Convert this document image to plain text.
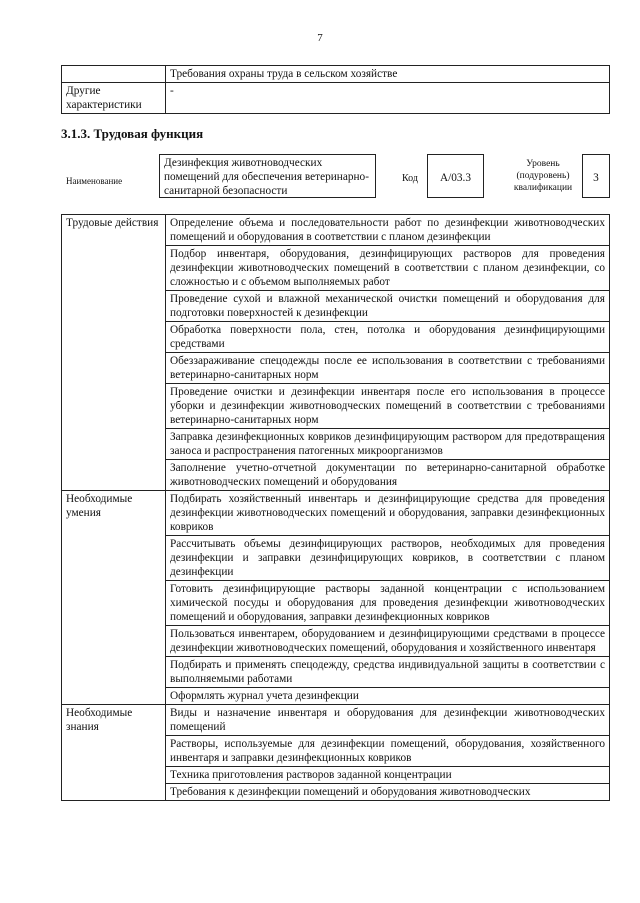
7
	Требования охраны труда в сельском хозяйстве
Другие характеристики	-
3.1.3. Трудовая функция
Наименование
Дезинфекция животноводческих помещений для обеспечения ветеринарно-санитарной безопасности
Код	A/03.3
Уровень (подуровень) квалификации
3
Трудовые действия	Определение объема и последовательности работ по дезинфекции животноводческих помещений и оборудования в соответствии с планом дезинфекции
	Подбор инвентаря, оборудования, дезинфицирующих растворов для проведения дезинфекции животноводческих помещений в соответствии с планом дезинфекции, со сложностью и с объемом выполняемых работ
	Проведение сухой и влажной механической очистки помещений и оборудования для подготовки поверхностей к дезинфекции
	Обработка поверхности пола, стен, потолка и оборудования дезинфицирующими средствами
	Обеззараживание спецодежды после ее использования в соответствии с требованиями ветеринарно-санитарных норм
	Проведение очистки и дезинфекции инвентаря после его использования в процессе уборки и дезинфекции животноводческих помещений в соответствии с требованиями ветеринарно-санитарных норм
	Заправка дезинфекционных ковриков дезинфицирующим раствором для предотвращения заноса и распространения патогенных микроорганизмов
	Заполнение учетно-отчетной документации по ветеринарно-санитарной обработке животноводческих помещений и оборудования
Необходимые умения	Подбирать хозяйственный инвентарь и дезинфицирующие средства для проведения дезинфекции животноводческих помещений и оборудования, заправки дезинфекционных ковриков
	Рассчитывать объемы дезинфицирующих растворов, необходимых для проведения дезинфекции и заправки дезинфицирующих ковриков, в соответствии с планом дезинфекции
	Готовить дезинфицирующие растворы заданной концентрации с использованием химической посуды и оборудования для проведения дезинфекции животноводческих помещений и оборудования, заправки дезинфекционных ковриков
	Пользоваться инвентарем, оборудованием и дезинфицирующими средствами в процессе дезинфекции животноводческих помещений, оборудования и хозяйственного инвентаря
	Подбирать и применять спецодежду, средства индивидуальной защиты в соответствии с выполняемыми работами
	Оформлять журнал учета дезинфекции
Необходимые знания	Виды и назначение инвентаря и оборудования для дезинфекции животноводческих помещений
	Растворы, используемые для дезинфекции помещений, оборудования, хозяйственного инвентаря и заправки дезинфекционных ковриков
	Техника приготовления растворов заданной концентрации
	Требования к дезинфекции помещений и оборудования животноводческих
